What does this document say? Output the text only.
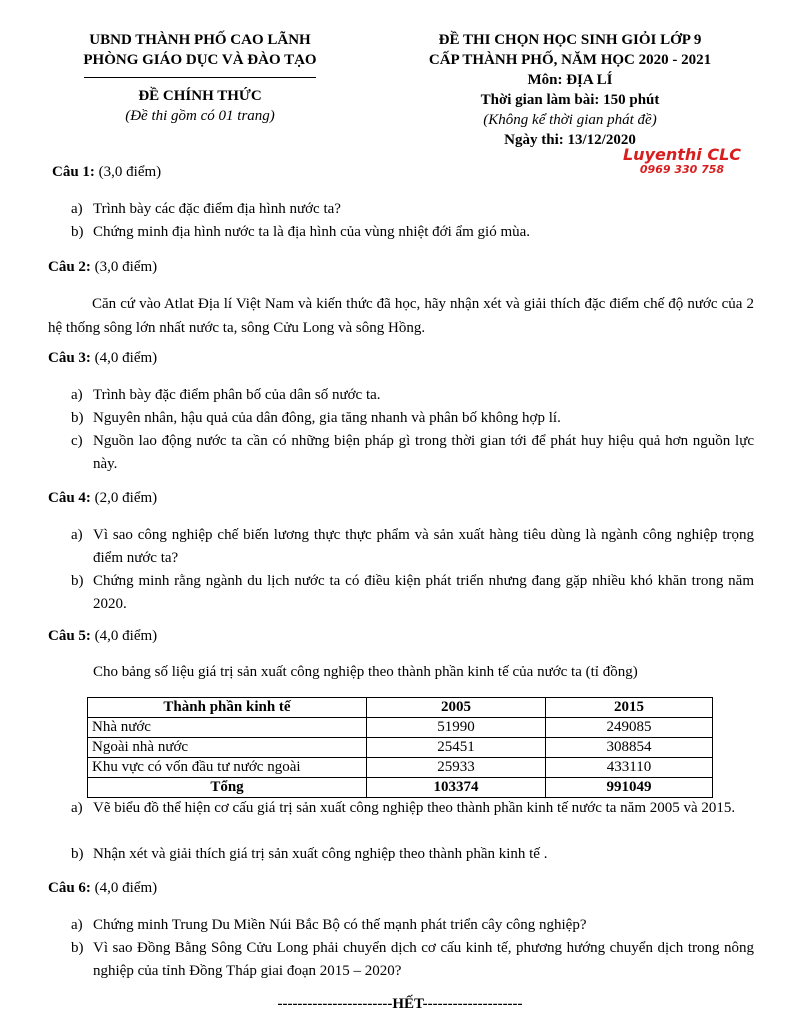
UBND THÀNH PHỐ CAO LÃNH
PHÒNG GIÁO DỤC VÀ ĐÀO TẠO
ĐỀ CHÍNH THỨC
(Đề thi gồm có 01 trang)
ĐỀ THI CHỌN HỌC SINH GIỎI LỚP 9
CẤP THÀNH PHỐ, NĂM HỌC 2020 - 2021
Môn: ĐỊA LÍ
Thời gian làm bài: 150 phút
(Không kể thời gian phát đề)
Ngày thi: 13/12/2020
Luyenthi CLC
0969 330 758
Câu 1: (3,0 điểm)
a) Trình bày các đặc điểm địa hình nước ta?
b) Chứng minh địa hình nước ta là địa hình của vùng nhiệt đới ẩm gió mùa.
Câu 2: (3,0 điểm)
Căn cứ vào Atlat Địa lí Việt Nam và kiến thức đã học, hãy nhận xét và giải thích đặc điểm chế độ nước của 2 hệ thống sông lớn nhất nước ta, sông Cửu Long và sông Hồng.
Câu 3: (4,0 điểm)
a) Trình bày đặc điểm phân bố của dân số nước ta.
b) Nguyên nhân, hậu quả của dân đông, gia tăng nhanh và phân bố không hợp lí.
c) Nguồn lao động nước ta cần có những biện pháp gì trong thời gian tới để phát huy hiệu quả hơn nguồn lực này.
Câu 4: (2,0 điểm)
a) Vì sao công nghiệp chế biến lương thực thực phẩm và sản xuất hàng tiêu dùng là ngành công nghiệp trọng điểm nước ta?
b) Chứng minh rằng ngành du lịch nước ta có điều kiện phát triển nhưng đang gặp nhiều khó khăn trong năm 2020.
Câu 5: (4,0 điểm)
Cho bảng số liệu giá trị sản xuất công nghiệp theo thành phần kinh tế của nước ta (tỉ đồng)
Thành phần kinh tế	2005	2015
Nhà nước	51990	249085
Ngoài nhà nước	25451	308854
Khu vực có vốn đầu tư nước ngoài	25933	433110
Tổng	103374	991049
a) Vẽ biểu đồ thể hiện cơ cấu giá trị sản xuất công nghiệp theo thành phần kinh tế nước ta năm 2005 và 2015.
b) Nhận xét và giải thích giá trị sản xuất công nghiệp theo thành phần kinh tế .
Câu 6: (4,0 điểm)
a) Chứng minh Trung Du Miền Núi Bắc Bộ có thế mạnh phát triển cây công nghiệp?
b) Vì sao Đồng Bằng Sông Cửu Long phải chuyển dịch cơ cấu kinh tế, phương hướng chuyển dịch trong nông nghiệp của tỉnh Đồng Tháp giai đoạn 2015 – 2020?
-----------------------HẾT--------------------
